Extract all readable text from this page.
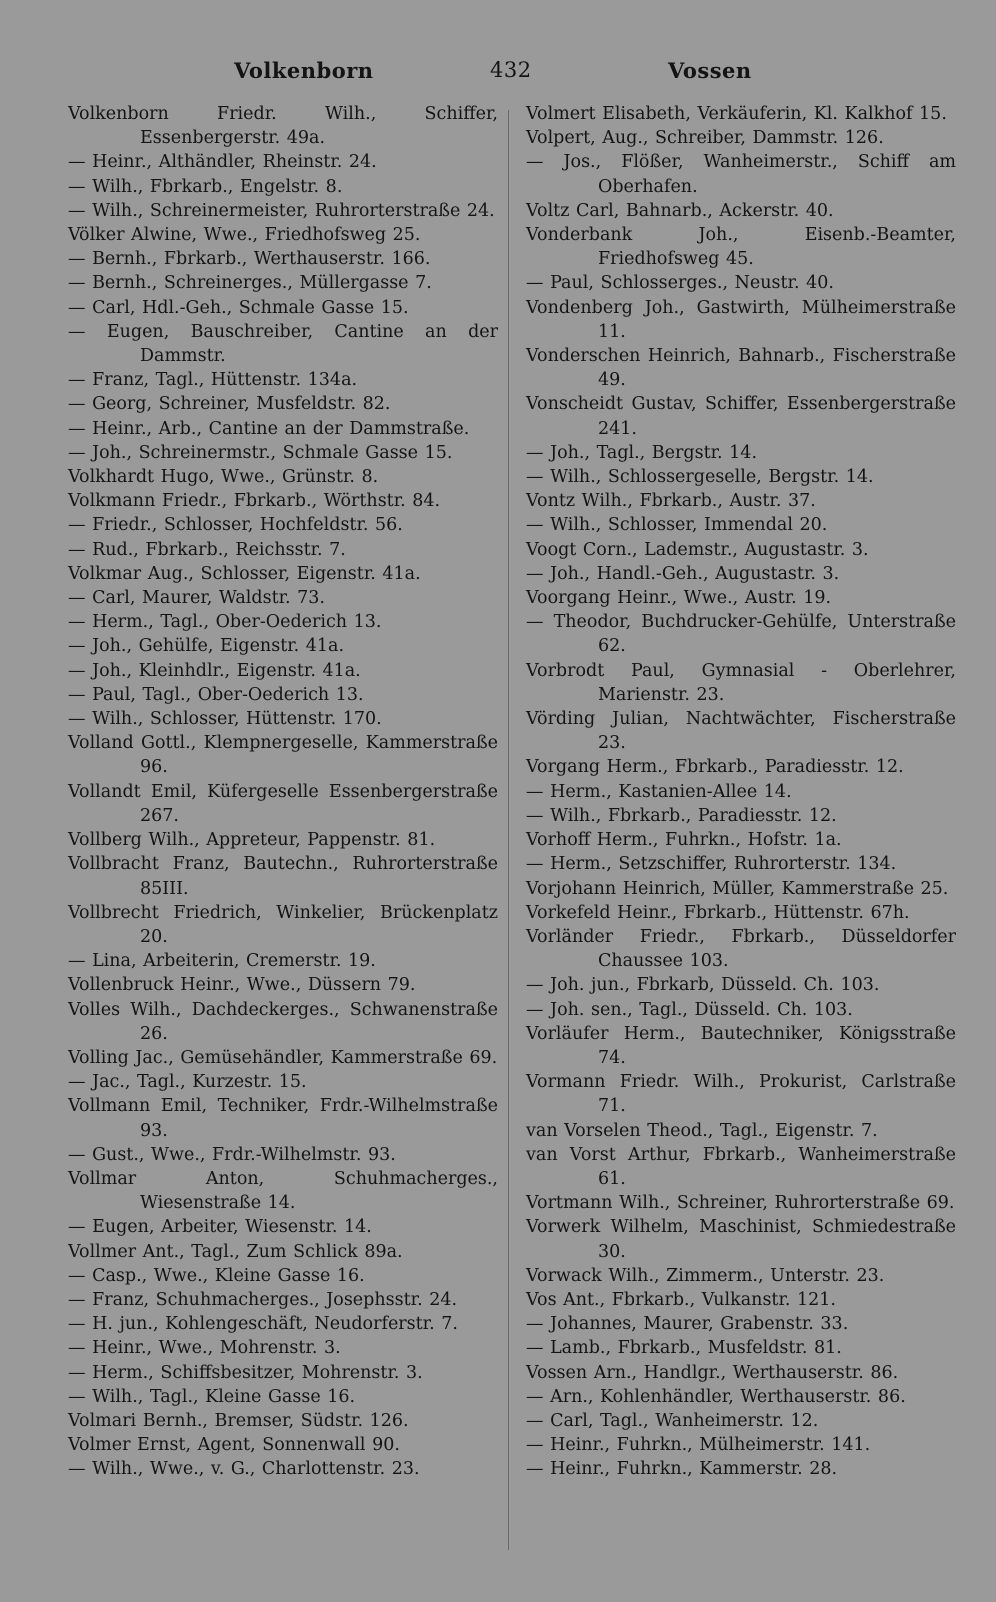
Volkenborn	432	Vossen

Volkenborn Friedr. Wilh., Schiffer, Essenbergerstr. 49a.

— Heinr., Althändler, Rheinstr. 24.

— Wilh., Fbrkarb., Engelstr. 8.

— Wilh., Schreinermeister, Ruhrorterstraße 24.

Völker Alwine, Wwe., Friedhofsweg 25.

— Bernh., Fbrkarb., Werthauserstr. 166.

— Bernh., Schreinerges., Müllergasse 7.

— Carl, Hdl.-Geh., Schmale Gasse 15.

— Eugen, Bauschreiber, Cantine an der Dammstr.

— Franz, Tagl., Hüttenstr. 134a.

— Georg, Schreiner, Musfeldstr. 82.

— Heinr., Arb., Cantine an der Dammstraße.

— Joh., Schreinermstr., Schmale Gasse 15.

Volkhardt Hugo, Wwe., Grünstr. 8.

Volkmann Friedr., Fbrkarb., Wörthstr. 84.

— Friedr., Schlosser, Hochfeldstr. 56.

— Rud., Fbrkarb., Reichsstr. 7.

Volkmar Aug., Schlosser, Eigenstr. 41a.

— Carl, Maurer, Waldstr. 73.

— Herm., Tagl., Ober-Oederich 13.

— Joh., Gehülfe, Eigenstr. 41a.

— Joh., Kleinhdlr., Eigenstr. 41a.

— Paul, Tagl., Ober-Oederich 13.

— Wilh., Schlosser, Hüttenstr. 170.

Volland Gottl., Klempnergeselle, Kammerstraße 96.

Vollandt Emil, Küfergeselle Essenbergerstraße 267.

Vollberg Wilh., Appreteur, Pappenstr. 81.

Vollbracht Franz, Bautechn., Ruhrorterstraße 85III.

Vollbrecht Friedrich, Winkelier, Brückenplatz 20.

— Lina, Arbeiterin, Cremerstr. 19.

Vollenbruck Heinr., Wwe., Düssern 79.

Volles Wilh., Dachdeckerges., Schwanenstraße 26.

Volling Jac., Gemüsehändler, Kammerstraße 69.

— Jac., Tagl., Kurzestr. 15.

Vollmann Emil, Techniker, Frdr.-Wilhelmstraße 93.

— Gust., Wwe., Frdr.-Wilhelmstr. 93.

Vollmar Anton, Schuhmacherges., Wiesenstraße 14.

— Eugen, Arbeiter, Wiesenstr. 14.

Vollmer Ant., Tagl., Zum Schlick 89a.

— Casp., Wwe., Kleine Gasse 16.

— Franz, Schuhmacherges., Josephsstr. 24.

— H. jun., Kohlengeschäft, Neudorferstr. 7.

— Heinr., Wwe., Mohrenstr. 3.

— Herm., Schiffsbesitzer, Mohrenstr. 3.

— Wilh., Tagl., Kleine Gasse 16.

Volmari Bernh., Bremser, Südstr. 126.

Volmer Ernst, Agent, Sonnenwall 90.

— Wilh., Wwe., v. G., Charlottenstr. 23.

Volmert Elisabeth, Verkäuferin, Kl. Kalkhof 15.

Volpert, Aug., Schreiber, Dammstr. 126.

— Jos., Flößer, Wanheimerstr., Schiff am Oberhafen.

Voltz Carl, Bahnarb., Ackerstr. 40.

Vonderbank Joh., Eisenb.-Beamter, Friedhofsweg 45.

— Paul, Schlosserges., Neustr. 40.

Vondenberg Joh., Gastwirth, Mülheimerstraße 11.

Vonderschen Heinrich, Bahnarb., Fischerstraße 49.

Vonscheidt Gustav, Schiffer, Essenbergerstraße 241.

— Joh., Tagl., Bergstr. 14.

— Wilh., Schlossergeselle, Bergstr. 14.

Vontz Wilh., Fbrkarb., Austr. 37.

— Wilh., Schlosser, Immendal 20.

Voogt Corn., Lademstr., Augustastr. 3.

— Joh., Handl.-Geh., Augustastr. 3.

Voorgang Heinr., Wwe., Austr. 19.

— Theodor, Buchdrucker-Gehülfe, Unterstraße 62.

Vorbrodt Paul, Gymnasial - Oberlehrer, Marienstr. 23.

Vörding Julian, Nachtwächter, Fischerstraße 23.

Vorgang Herm., Fbrkarb., Paradiesstr. 12.

— Herm., Kastanien-Allee 14.

— Wilh., Fbrkarb., Paradiesstr. 12.

Vorhoff Herm., Fuhrkn., Hofstr. 1a.

— Herm., Setzschiffer, Ruhrorterstr. 134.

Vorjohann Heinrich, Müller, Kammerstraße 25.

Vorkefeld Heinr., Fbrkarb., Hüttenstr. 67h.

Vorländer Friedr., Fbrkarb., Düsseldorfer Chaussee 103.

— Joh. jun., Fbrkarb, Düsseld. Ch. 103.

— Joh. sen., Tagl., Düsseld. Ch. 103.

Vorläufer Herm., Bautechniker, Königsstraße 74.

Vormann Friedr. Wilh., Prokurist, Carlstraße 71.

van Vorselen Theod., Tagl., Eigenstr. 7.

van Vorst Arthur, Fbrkarb., Wanheimerstraße 61.

Vortmann Wilh., Schreiner, Ruhrorterstraße 69.

Vorwerk Wilhelm, Maschinist, Schmiedestraße 30.

Vorwack Wilh., Zimmerm., Unterstr. 23.

Vos Ant., Fbrkarb., Vulkanstr. 121.

— Johannes, Maurer, Grabenstr. 33.

— Lamb., Fbrkarb., Musfeldstr. 81.

Vossen Arn., Handlgr., Werthauserstr. 86.

— Arn., Kohlenhändler, Werthauserstr. 86.

— Carl, Tagl., Wanheimerstr. 12.

— Heinr., Fuhrkn., Mülheimerstr. 141.

— Heinr., Fuhrkn., Kammerstr. 28.
